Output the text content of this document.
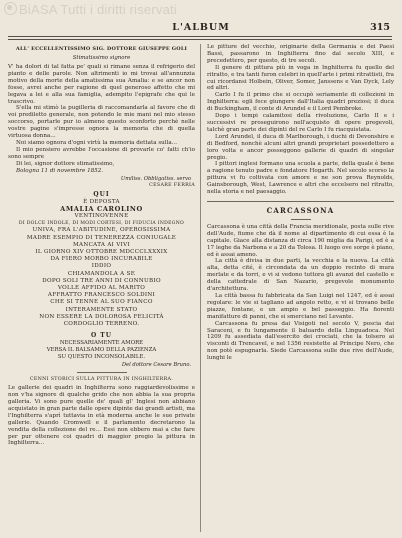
BiASA Tutti i diritti riservati
L'ALBUM	315
ALL' ECCELLENTISSIMO SIG. DOTTORE GIUSEPPE GOLI
Stimatissimo signore

V' ha dolori di tal fatta pe' quali si rimane senza il refrigerio del pianto e delle parole. Non altrimenti io mi trovai all'annunzia motivo della morte della amatissima sua Amalia: e se ancor non fosse, avrei anche per ragione di quel generoso affetto che mi legava a lei e alla sua famiglia, adempito l'epigrafe che qui le trascrivo.

S'ella mi stimò la pugilleria di raccomandarla al favore che di voi prediletto generale, non potendo le mie mani nel mio stesso soccorso, portarle pur io almeno questo sconforto perchè nelle vostre pagine s'impresse ognora la memoria che di quella virtuosa donna...

Noi siamo ognora d'ogni virtù la memoria dettata sulla...

Il mio pensiero avrebbe l'occasione di provarle co' fatti ch'io sono sempre

Di lei, signor dottore stimatissimo,

Bologna 11 di novembre 1852.

Umiliss. Obbligatiss. servo
CESARE FERRIA
QUI
È DEPOSTA
AMALIA CAROLINO
VENTINOVENNE
DI DOLCE INDOLE, DI MODI CORTESI, DI FIDUCIA INDEGNO
UNIVA, FRA L'ABITUDINE, OPEROSISSIMA
MADRE ESEMPIO DI TENEREZZA CONIUGALE
MANCATA AI VIVI
IL GIORNO XIV OTTOBRE MDCCCLXXXIX
DA FIERO MORBO INCURABILE
IDDIO
CHIAMANDOLA A SE
DOPO SOLI TRE ANNI DI CONNUBIO
VOLLE AFFIDO AL MARITO
AFFRATTO FRANCESCO SOLDINI
CHE SI TENNE AL SUO FIANCO
INTERAMENTE STATO
NON ESSERE LA DOLOROSA FELICITÀ
CORDOGLIO TERRENO.
O TU

NECESSARIAMENTE AMORE

VERSA IL BALSAMO DELLA PAZIENZA

SU QUESTO INCONSOLABILE.

Del dottore Cesare Bruno.
CENNI STORICI SULLA PITTURA IN INGHILTERRA.

Le gallerie dei quadri in Inghilterra sono raggiardevolissime e non v'ha signore di qualche grido che non abbia la sua propria galleria. Vi sono pure quelle de' quali gl' Inglesi non abbiano acquistato in gran parte dalle opere dipinte dai grandi artisti, ma l'Inghilterra s'aprì tuttavia in età moderna anche le sue private gallerie. Quando Cromwell e il parlamento decretarono la vendita della collezione del re... Essi non ebbero mai a che fare per pur ottenere coi quadri di maggior pregio la pittura in Inghilterra...

Le pitture del vecchio, originarie della Germania e dei Paesi Bassi, passarono in Inghilterra fino dal secolo XIII, e precedettero, per questo, di tre secoli.

Il genere di pittura più in voga in Inghilterra fu quello del ritratto, e tra tanti furon celebri in quell'arte i primi ritrattisti, fra cui ricordansi Holbein, Oliver, Somer, Janssens e Van Dyck, Lely ed altri.

Carlo I fu il primo che si occupò seriamente di collezioni in Inghilterra: egli fece giungere dall'Italia quadri preziosi; il duca di Buckingham, il conte di Arundel e il Lord Pembroke.

Dopo i tempi calamitosi della rivoluzione, Carlo II e i successivi re proseguirono nell'acquisto di opere pregevoli, talchè gran parte dei dipinti del re Carlo I fu riacquistata.

Lord Arundel, il duca di Marlborough, i duchi di Devonshire e di Bedford, nonchè alcuni altri grandi proprietari possedettero a loro volta e ancor posseggono gallerie di quadri di singolar pregio.

I pittori inglesi formano una scuola a parte, della quale è bene a ragione tenuto padre e fondatore Hogarth. Nel secolo scorso la pittura vi fu coltivata con amore e ne son prova Reynolds, Gainsborough, West, Lawrence e altri che eccelsero nel ritratto, nella storia e nel paesaggio.

CARCASSONA

Carcassona è una città della Francia meridionale, posta sulle rive dell'Aude, fiume che dà il nome al dipartimento di cui essa è la capitale. Giace alla distanza di circa 190 miglia da Parigi, ed è a 17 leghe da Narbona e a 20 da Tolosa. Il luogo ove sorge è piano, ed è assai ameno.

La città è divisa in due parti, la vecchia e la nuova. La città alta, detta cité, è circondata da un doppio recinto di mura merlate e da torri, e vi si vedono tuttora gli avanzi del castello e della cattedrale di San Nazario, pregevole monumento d'architettura.

La città bassa fu fabbricata da San Luigi nel 1247, ed è assai regolare: le vie si tagliano ad angolo retto, e vi si trovano belle piazze, fontane, e un ampio e bel passeggio. Ha fiorenti manifatture di panni, che si smerciano nel Levante.

Carcassona fu presa dai Visigoti nel secolo V, poscia dai Saraceni, e fu lungamente il baluardo della Linguadoca. Nel 1209 fu assediata dall'esercito dei crociati, che la tolsero ai visconti di Trencavel, e nel 1356 resistette al Principe Nero, che non potè espugnarla. Siede Carcassona sulle due rive dell'Aude, lunghi le
